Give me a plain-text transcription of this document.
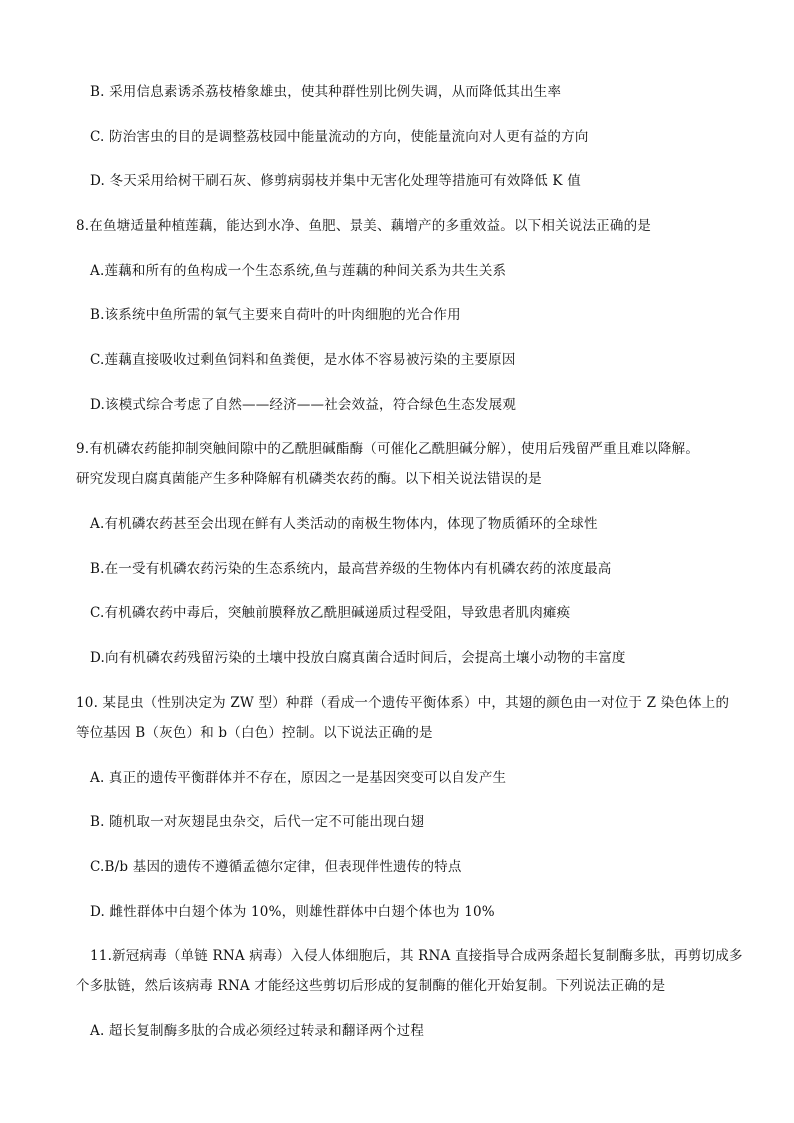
B. 采用信息素诱杀荔枝椿象雄虫，使其种群性别比例失调，从而降低其出生率
C. 防治害虫的目的是调整荔枝园中能量流动的方向，使能量流向对人更有益的方向
D. 冬天采用给树干刷石灰、修剪病弱枝并集中无害化处理等措施可有效降低 K 值
8.在鱼塘适量种植莲藕，能达到水净、鱼肥、景美、藕增产的多重效益。以下相关说法正确的是
A.莲藕和所有的鱼构成一个生态系统,鱼与莲藕的种间关系为共生关系
B.该系统中鱼所需的氧气主要来自荷叶的叶肉细胞的光合作用
C.莲藕直接吸收过剩鱼饲料和鱼粪便，是水体不容易被污染的主要原因
D.该模式综合考虑了自然——经济——社会效益，符合绿色生态发展观
9.有机磷农药能抑制突触间隙中的乙酰胆碱酯酶（可催化乙酰胆碱分解），使用后残留严重且难以降解。
研究发现白腐真菌能产生多种降解有机磷类农药的酶。以下相关说法错误的是
A.有机磷农药甚至会出现在鲜有人类活动的南极生物体内，体现了物质循环的全球性
B.在一受有机磷农药污染的生态系统内，最高营养级的生物体内有机磷农药的浓度最高
C.有机磷农药中毒后，突触前膜释放乙酰胆碱递质过程受阻，导致患者肌肉瘫痪
D.向有机磷农药残留污染的土壤中投放白腐真菌合适时间后，会提高土壤小动物的丰富度
10. 某昆虫（性别决定为 ZW 型）种群（看成一个遗传平衡体系）中，其翅的颜色由一对位于 Z 染色体上的
等位基因 B（灰色）和 b（白色）控制。以下说法正确的是
A. 真正的遗传平衡群体并不存在，原因之一是基因突变可以自发产生
B. 随机取一对灰翅昆虫杂交，后代一定不可能出现白翅
C.B/b 基因的遗传不遵循孟德尔定律，但表现伴性遗传的特点
D. 雌性群体中白翅个体为 10%，则雄性群体中白翅个体也为 10%
11.新冠病毒（单链 RNA 病毒）入侵人体细胞后，其 RNA 直接指导合成两条超长复制酶多肽，再剪切成多
个多肽链，然后该病毒 RNA 才能经这些剪切后形成的复制酶的催化开始复制。下列说法正确的是
A. 超长复制酶多肽的合成必须经过转录和翻译两个过程
